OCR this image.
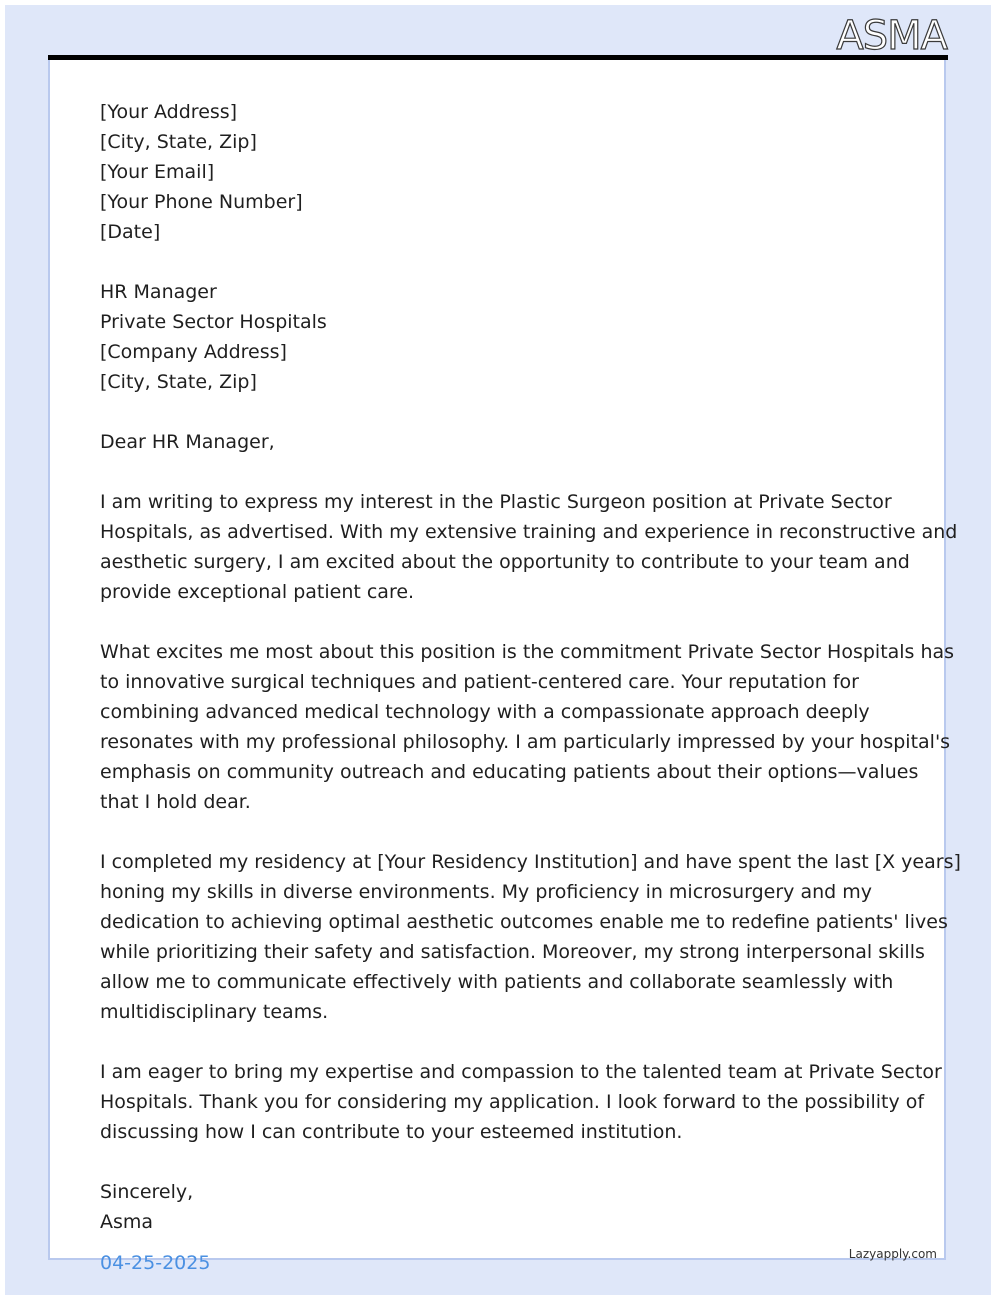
ASMA
[Your Address]
[City, State, Zip]
[Your Email]
[Your Phone Number]
[Date]
HR Manager
Private Sector Hospitals
[Company Address]
[City, State, Zip]

Dear HR Manager,

I am writing to express my interest in the Plastic Surgeon position at Private Sector
Hospitals, as advertised. With my extensive training and experience in reconstructive and
aesthetic surgery, I am excited about the opportunity to contribute to your team and
provide exceptional patient care.

What excites me most about this position is the commitment Private Sector Hospitals has
to innovative surgical techniques and patient-centered care. Your reputation for
combining advanced medical technology with a compassionate approach deeply
resonates with my professional philosophy. I am particularly impressed by your hospital's
emphasis on community outreach and educating patients about their options—values
that I hold dear.

I completed my residency at [Your Residency Institution] and have spent the last [X years]
honing my skills in diverse environments. My proficiency in microsurgery and my
dedication to achieving optimal aesthetic outcomes enable me to redefine patients' lives
while prioritizing their safety and satisfaction. Moreover, my strong interpersonal skills
allow me to communicate effectively with patients and collaborate seamlessly with
multidisciplinary teams.

I am eager to bring my expertise and compassion to the talented team at Private Sector
Hospitals. Thank you for considering my application. I look forward to the possibility of
discussing how I can contribute to your esteemed institution.

Sincerely,
Asma
04-25-2025	Lazyapply.com
